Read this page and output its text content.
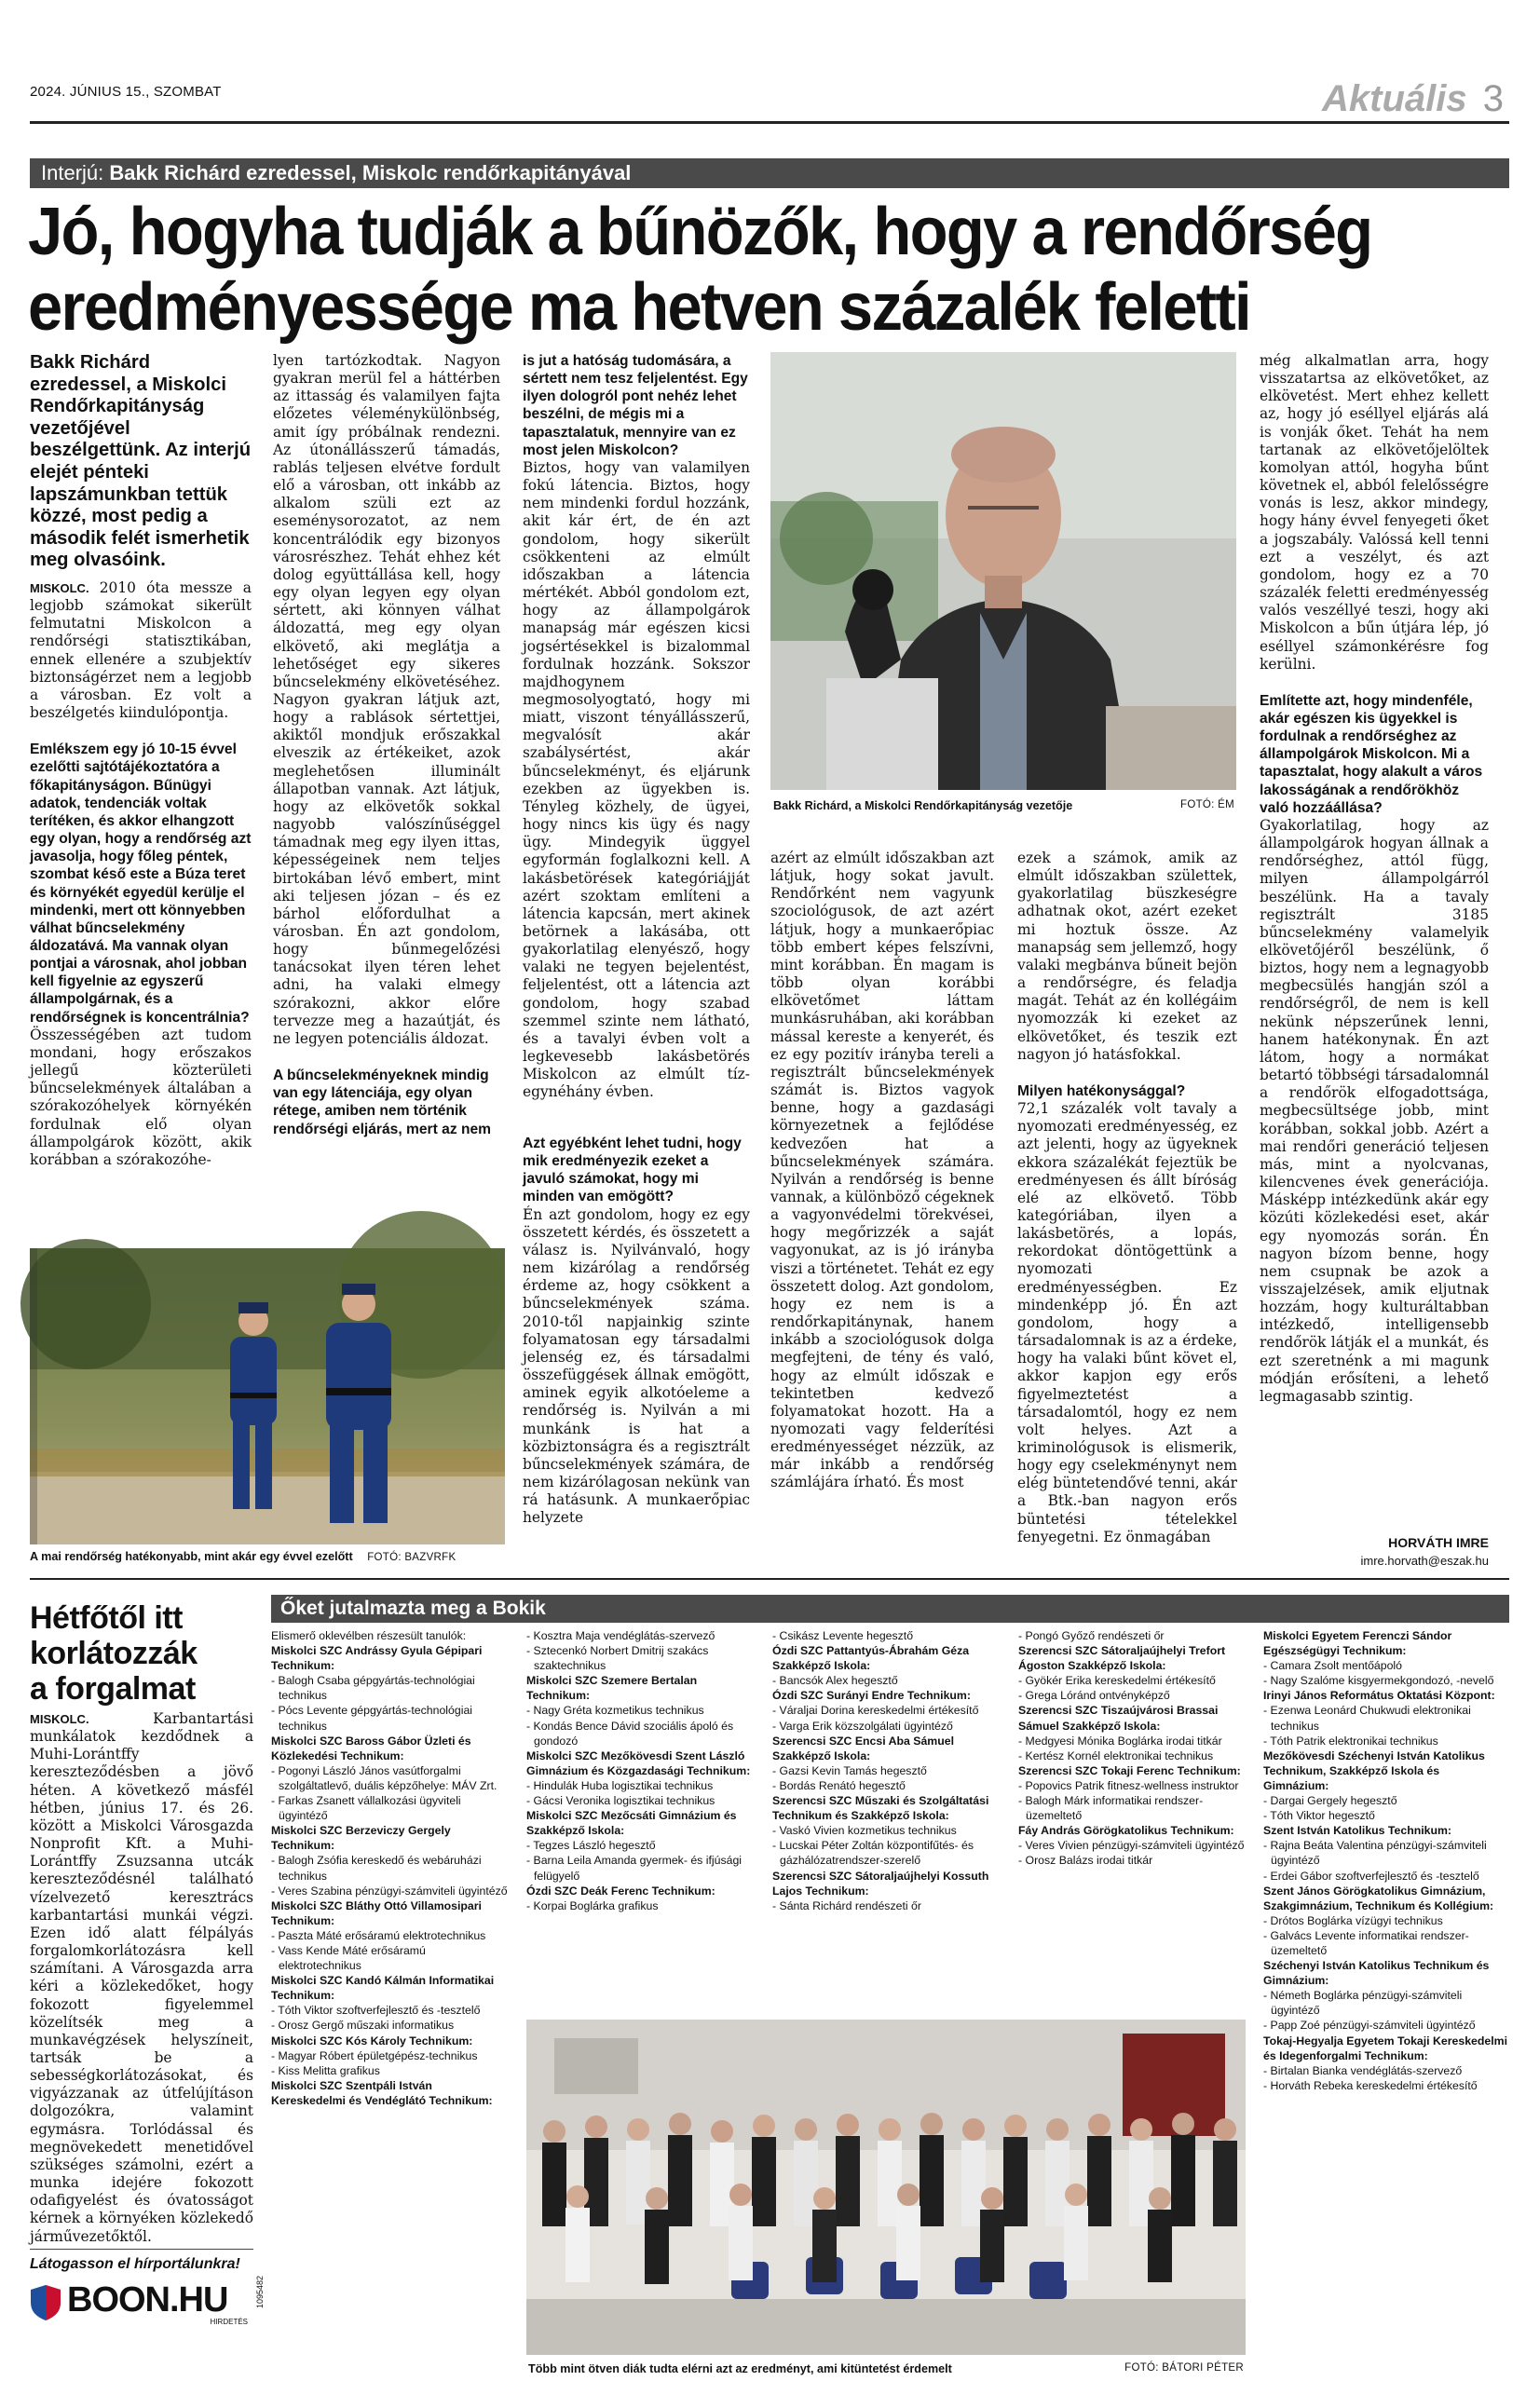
2024. JÚNIUS 15., SZOMBAT	Aktuális 3
Interjú: Bakk Richárd ezredessel, Miskolc rendőrkapitányával
Jó, hogyha tudják a bűnözők, hogy a rendőrség
eredményessége ma hetven százalék feletti
Bakk Richárd ezredessel, a Miskolci Rendőrkapitányság vezetőjével beszélgettünk. Az interjú elejét pénteki lapszámunkban tettük közzé, most pedig a második felét ismerhetik meg olvasóink.

MISKOLC. 2010 óta messze a legjobb számokat sikerült felmutatni Miskolcon a rendőrségi statisztikában, ennek ellenére a szubjektív biztonságérzet nem a legjobb a városban. Ez volt a beszélgetés kiindulópontja.

Emlékszem egy jó 10-15 évvel ezelőtti sajtótájékoztatóra a főkapitányságon. Bűnügyi adatok, tendenciák voltak terítéken, és akkor elhangzott egy olyan, hogy a rendőrség azt javasolja, hogy főleg péntek, szombat késő este a Búza teret és környékét egyedül kerülje el mindenki, mert ott könnyebben válhat bűncselekmény áldozatává. Ma vannak olyan pontjai a városnak, ahol jobban kell figyelnie az egyszerű állampolgárnak, és a rendőrségnek is koncentrálnia?

Összességében azt tudom mondani, hogy erőszakos jellegű közterületi bűncselekmények általában a szórakozóhelyek környékén fordulnak elő olyan állampolgárok között, akik korábban a szórakozóhe-

A mai rendőrség hatékonyabb, mint akár egy évvel ezelőtt FOTÓ: BAZVRFK

lyen tartózkodtak. Nagyon gyakran merül fel a háttérben az ittasság és valamilyen fajta előzetes véleménykülönbség, amit így próbálnak rendezni. Az útonállásszerű támadás, rablás teljesen elvétve fordult elő a városban, ott inkább az alkalom szüli ezt az eseménysorozatot, az nem koncentrálódik egy bizonyos városrészhez. Tehát ehhez két dolog együttállása kell, hogy egy olyan legyen egy olyan sértett, aki könnyen válhat áldozattá, meg egy olyan elkövető, aki meglátja a lehetőséget egy sikeres bűncselekmény elkövetéséhez. Nagyon gyakran látjuk azt, hogy a rablások sértettjei, akiktől mondjuk erőszakkal elveszik az értékeiket, azok meglehetősen illuminált állapotban vannak. Azt látjuk, hogy az elkövetők sokkal nagyobb valószínűséggel támadnak meg egy ilyen ittas, képességeinek nem teljes birtokában lévő embert, mint aki teljesen józan – és ez bárhol előfordulhat a városban. Én azt gondolom, hogy bűnmegelőzési tanácsokat ilyen téren lehet adni, ha valaki elmegy szórakozni, akkor előre tervezze meg a hazaútját, és ne legyen potenciális áldozat.

A bűncselekményeknek mindig van egy látenciája, egy olyan rétege, amiben nem történik rendőrségi eljárás, mert az nem

is jut a hatóság tudomására, a sértett nem tesz feljelentést. Egy ilyen dologról pont nehéz lehet beszélni, de mégis mi a tapasztalatuk, mennyire van ez most jelen Miskolcon?

Biztos, hogy van valamilyen fokú látencia. Biztos, hogy nem mindenki fordul hozzánk, akit kár ért, de én azt gondolom, hogy sikerült csökkenteni az elmúlt időszakban a látencia mértékét. Abból gondolom ezt, hogy az állampolgárok manapság már egészen kicsi jogsértésekkel is bizalommal fordulnak hozzánk. Sokszor majdhogynem megmosolyogtató, hogy mi miatt, viszont tényállásszerű, megvalósít akár szabálysértést, akár bűncselekményt, és eljárunk ezekben az ügyekben is. Tényleg közhely, de ügyei, hogy nincs kis ügy és nagy ügy. Mindegyik üggyel egyformán foglalkozni kell. A lakásbetörések kategóriájját azért szoktam említeni a látencia kapcsán, mert akinek betörnek a lakásába, ott gyakorlatilag elenyésző, hogy valaki ne tegyen bejelentést, feljelentést, ott a látencia azt gondolom, hogy szabad szemmel szinte nem látható, és a tavalyi évben volt a legkevesebb lakásbetörés Miskolcon az elmúlt tíz-egynéhány évben.

Bakk Richárd, a Miskolci Rendőrkapitányság vezetője	FOTÓ: ÉM

Azt egyébként lehet tudni, hogy mik eredményezik ezeket a javuló számokat, hogy mi minden van emögött?

Én azt gondolom, hogy ez egy összetett kérdés, és összetett a válasz is. Nyilvánvaló, hogy nem kizárólag a rendőrség érdeme az, hogy csökkent a bűncselekmények száma. 2010-től napjainkig szinte folyamatosan egy társadalmi jelenség ez, és társadalmi összefüggések állnak emögött, aminek egyik alkotóeleme a rendőrség is. Nyilván a mi munkánk is hat a közbiztonságra és a regisztrált bűncselekmények számára, de nem kizárólagosan nekünk van rá hatásunk. A munkaerőpiac helyzete

azért az elmúlt időszakban azt látjuk, hogy sokat javult. Rendőrként nem vagyunk szociológusok, de azt azért látjuk, hogy a munkaerőpiac több embert képes felszívni, mint korábban. Én magam is több olyan korábbi elkövetőmet láttam munkásruhában, aki korábban mással kereste a kenyerét, és ez egy pozitív irányba tereli a regisztrált bűncselekmények számát is. Biztos vagyok benne, hogy a gazdasági környezetnek a fejlődése kedvezően hat a bűncselekmények számára. Nyilván a rendőrség is benne vannak, a különböző cégeknek a vagyonvédelmi törekvései, hogy megőrizzék a saját vagyonukat, az is jó irányba viszi a történetet. Tehát ez egy összetett dolog. Azt gondolom, hogy ez nem is a rendőrkapitánynak, hanem inkább a szociológusok dolga megfejteni, de tény és való, hogy az elmúlt időszak e tekintetben kedvező folyamatokat hozott. Ha a nyomozati vagy felderítési eredményességet nézzük, az már inkább a rendőrség számlájára írható. És most

ezek a számok, amik az elmúlt időszakban születtek, gyakorlatilag büszkeségre adhatnak okot, azért ezeket mi hoztuk össze. Az manapság sem jellemző, hogy valaki megbánva bűneit bejön a rendőrségre, és feladja magát. Tehát az én kollégáim nyomozzák ki ezeket az elkövetőket, és teszik ezt nagyon jó hatásfokkal.

Milyen hatékonysággal?

72,1 százalék volt tavaly a nyomozati eredményesség, ez azt jelenti, hogy az ügyeknek ekkora százalékát fejeztük be eredményesen és állt bíróság elé az elkövető. Több kategóriában, ilyen a lakásbetörés, a lopás, rekordokat döntögettünk a nyomozati eredményességben. Ez mindenképp jó. Én azt gondolom, hogy a társadalomnak is az a érdeke, hogy ha valaki bűnt követ el, akkor kapjon egy erős figyelmeztetést a társadalomtól, hogy ez nem volt helyes. Azt a kriminológusok is elismerik, hogy egy cselekménynyt nem elég büntetendővé tenni, akár a Btk.-ban nagyon erős büntetési tételekkel fenyegetni. Ez önmagában

még alkalmatlan arra, hogy visszatartsa az elkövetőket, az elkövetést. Mert ehhez kellett az, hogy jó eséllyel eljárás alá is vonják őket. Tehát ha nem tartanak az elkövetőjelöltek komolyan attól, hogyha bűnt követnek el, abból felelősségre vonás is lesz, akkor mindegy, hogy hány évvel fenyegeti őket a jogszabály. Valóssá kell tenni ezt a veszélyt, és azt gondolom, hogy ez a 70 százalék feletti eredményesség valós veszéllyé teszi, hogy aki Miskolcon a bűn útjára lép, jó eséllyel számonkérésre fog kerülni.

Említette azt, hogy mindenféle, akár egészen kis ügyekkel is fordulnak a rendőrséghez az állampolgárok Miskolcon. Mi a tapasztalat, hogy alakult a város lakosságának a rendőrökhöz való hozzáállása?

Gyakorlatilag, hogy az állampolgárok hogyan állnak a rendőrséghez, attól függ, milyen állampolgárról beszélünk. Ha a tavaly regisztrált 3185 bűncselekmény valamelyik elkövetőjéről beszélünk, ő biztos, hogy nem a legnagyobb megbecsülés hangján szól a rendőrségről, de nem is kell nekünk népszerűnek lenni, hanem hatékonynak. Én azt látom, hogy a normákat betartó többségi társadalomnál a rendőrök elfogadottsága, megbecsültsége jobb, mint korábban, sokkal jobb. Azért a mai rendőri generáció teljesen más, mint a nyolcvanas, kilencvenes évek generációja. Másképp intézkedünk akár egy közúti közlekedési eset, akár egy nyomozás során. Én nagyon bízom benne, hogy nem csupnak be azok a visszajelzések, amik eljutnak hozzám, hogy kulturáltabban intézkedő, intelligensebb rendőrök látják el a munkát, és ezt szeretnénk a mi magunk módján erősíteni, a lehető legmagasabb szintig.

HORVÁTH IMRE
imre.horvath@eszak.hu
Hétfőtől itt
korlátozzák
a forgalmat

MISKOLC.	Karbantartási munkálatok kezdődnek a Muhi-Lorántffy kereszteződésben a jövő héten. A következő másfél hétben, június 17. és 26. között a Miskolci Városgazda Nonprofit Kft. a Muhi-Lorántffy Zsuzsanna utcák kereszteződésnél található vízelvezető keresztrács karbantartási munkái végzi. Ezen idő alatt félpályás forgalomkorlátozásra kell számítani. A Városgazda arra kéri a közlekedőket, hogy fokozott figyelemmel közelítsék meg a munkavégzések helyszíneit, tartsák be a sebességkorlátozásokat, és vigyázzanak az útfelújításon dolgozókra, valamint egymásra. Torlódással és megnövekedett menetidővel szükséges számolni, ezért a munka idejére fokozott odafigyelést és óvatosságot kérnek a környéken közlekedő járművezetőktől.

Látogasson el hírportálunkra!
BOON.HU
HIRDETÉS
1095482
Őket jutalmazta meg a Bokik
Elismerő oklevélben részesült tanulók:
Miskolci SZC Andrássy Gyula Gépipari Technikum:
- Balogh Csaba gépgyártás-technológiai technikus
- Pócs Levente gépgyártás-technológiai technikus
Miskolci SZC Baross Gábor Üzleti és Közlekedési Technikum:
- Pogonyi László János vasútforgalmi szolgáltatlevő, duális képzőhelye: MÁV Zrt.
- Farkas Zsanett vállalkozási ügyviteli ügyintéző
Miskolci SZC Berzeviczy Gergely Technikum:
- Balogh Zsófia kereskedő és webáruházi technikus
- Veres Szabina pénzügyi-számviteli ügyintéző
Miskolci SZC Bláthy Ottó Villamosipari Technikum:
- Paszta Máté erősáramú elektrotechnikus
- Vass Kende Máté erősáramú elektrotechnikus
Miskolci SZC Kandó Kálmán Informatikai Technikum:
- Tóth Viktor szoftverfejlesztő és -tesztelő
- Orosz Gergő műszaki informatikus
Miskolci SZC Kós Károly Technikum:
- Magyar Róbert épületgépész-technikus
- Kiss Melitta grafikus
Miskolci SZC Szentpáli István Kereskedelmi és Vendéglátó Technikum:
- Kosztra Maja vendéglátás-szervező
- Sztecenkó Norbert Dmitrij szakács szaktechnikus
Miskolci SZC Szemere Bertalan Technikum:
- Nagy Gréta kozmetikus technikus
- Kondás Bence Dávid szociális ápoló és gondozó
Miskolci SZC Mezőkövesdi Szent László Gimnázium és Közgazdasági Technikum:
- Hindulák Huba logisztikai technikus
- Gácsi Veronika logisztikai technikus
Miskolci SZC Mezőcsáti Gimnázium és Szakképző Iskola:
- Tegzes László hegesztő
- Barna Leila Amanda gyermek- és ifjúsági felügyelő
Ózdi SZC Deák Ferenc Technikum:
- Korpai Boglárka grafikus
- Csikász Levente hegesztő
Ózdi SZC Pattantyús-Ábrahám Géza Szakképző Iskola:
- Bancsók Alex hegesztő
Ózdi SZC Surányi Endre Technikum:
- Váraljai Dorina kereskedelmi értékesítő
- Varga Erik közszolgálati ügyintéző
Szerencsi SZC Encsi Aba Sámuel Szakképző Iskola:
- Gazsi Kevin Tamás hegesztő
- Bordás Renátó hegesztő
Szerencsi SZC Műszaki és Szolgáltatási Technikum és Szakképző Iskola:
- Vaskó Vivien kozmetikus technikus
- Lucskai Péter Zoltán központifűtés- és gázhálózatrendszer-szerelő
Szerencsi SZC Sátoraljaújhelyi Kossuth Lajos Technikum:
- Sánta Richárd rendészeti őr
- Pongó Győző rendészeti őr
Szerencsi SZC Sátoraljaújhelyi Trefort Ágoston Szakképző Iskola:
- Gyökér Erika kereskedelmi értékesítő
- Grega Lóránd ontvényképző
Szerencsi SZC Tiszaújvárosi Brassai Sámuel Szakképző Iskola:
- Medgyesi Mónika Boglárka irodai titkár
- Kertész Kornél elektronikai technikus
Szerencsi SZC Tokaji Ferenc Technikum:
- Popovics Patrik fitnesz-wellness instruktor
- Balogh Márk informatikai rendszer-üzemeltető
Fáy András Görögkatolikus Technikum:
- Veres Vivien pénzügyi-számviteli ügyintéző
- Orosz Balázs irodai titkár
Miskolci Egyetem Ferenczi Sándor Egészségügyi Technikum:
- Camara Zsolt mentőápoló
- Nagy Szalóme kisgyermekgondozó, -nevelő
Irinyi János Református Oktatási Központ:
- Ezenwa Leonárd Chukwudi elektronikai technikus
- Tóth Patrik elektronikai technikus
Mezőkövesdi Széchenyi István Katolikus Technikum, Szakképző Iskola és Gimnázium:
- Dargai Gergely hegesztő
- Tóth Viktor hegesztő
Szent István Katolikus Technikum:
- Rajna Beáta Valentina pénzügyi-számviteli ügyintéző
- Erdei Gábor szoftverfejlesztő és -tesztelő
Szent János Görögkatolikus Gimnázium, Szakgimnázium, Technikum és Kollégium:
- Drótos Boglárka vízügyi technikus
- Galvács Levente informatikai rendszer-üzemeltető
Széchenyi István Katolikus Technikum és Gimnázium:
- Németh Boglárka pénzügyi-számviteli ügyintéző
- Papp Zoé pénzügyi-számviteli ügyintéző
Tokaj-Hegyalja Egyetem Tokaji Kereskedelmi és Idegenforgalmi Technikum:
- Birtalan Bianka vendéglátás-szervező
- Horváth Rebeka kereskedelmi értékesítő
Több mint ötven diák tudta elérni azt az eredményt, ami kitüntetést érdemelt	FOTÓ: BÁTORI PÉTER
